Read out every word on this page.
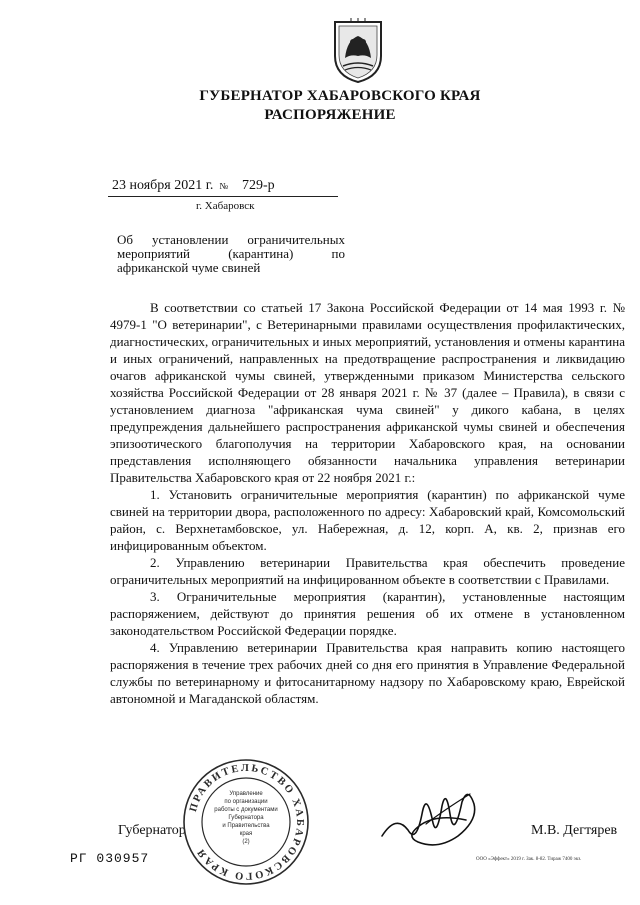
ГУБЕРНАТОР ХАБАРОВСКОГО КРАЯ
РАСПОРЯЖЕНИЕ
23 ноября 2021 г. № 729-р
г. Хабаровск
Об установлении ограничительных
мероприятий (карантина) по
африканской чуме свиней

В соответствии со статьей 17 Закона Российской Федерации от 14 мая 1993 г. № 4979-1 "О ветеринарии", с Ветеринарными правилами осуществления профилактических, диагностических, ограничительных и иных мероприятий, установления и отмены карантина и иных ограничений, направленных на предотвращение распространения и ликвидацию очагов африканской чумы свиней, утвержденными приказом Министерства сельского хозяйства Российской Федерации от 28 января 2021 г. № 37 (далее – Правила), в связи с установлением диагноза "африканская чума свиней" у дикого кабана, в целях предупреждения дальнейшего распространения африканской чумы свиней и обеспечения эпизоотического благополучия на территории Хабаровского края, на основании представления исполняющего обязанности начальника управления ветеринарии Правительства Хабаровского края от 22 ноября 2021 г.:

1. Установить ограничительные мероприятия (карантин) по африканской чуме свиней на территории двора, расположенного по адресу: Хабаровский край, Комсомольский район, с. Верхнетамбовское, ул. Набережная, д. 12, корп. А, кв. 2, признав его инфицированным объектом.

2. Управлению ветеринарии Правительства края обеспечить проведение ограничительных мероприятий на инфицированном объекте в соответствии с Правилами.

3. Ограничительные мероприятия (карантин), установленные настоящим распоряжением, действуют до принятия решения об их отмене в установленном законодательством Российской Федерации порядке.

4. Управлению ветеринарии Правительства края направить копию настоящего распоряжения в течение трех рабочих дней со дня его принятия в Управление Федеральной службы по ветеринарному и фитосанитарному надзору по Хабаровскому краю, Еврейской автономной и Магаданской областям.

Губернатор	М.В. Дегтярев
ПРАВИТЕЛЬСТВО ХАБАРОВСКОГО КРАЯ
Управление
по организации
работы с документами
Губернатора
и Правительства
края
(2)
РГ 030957	ООО «Эффект» 2019 г. Зак. 8-82. Тираж 7400 экз.
